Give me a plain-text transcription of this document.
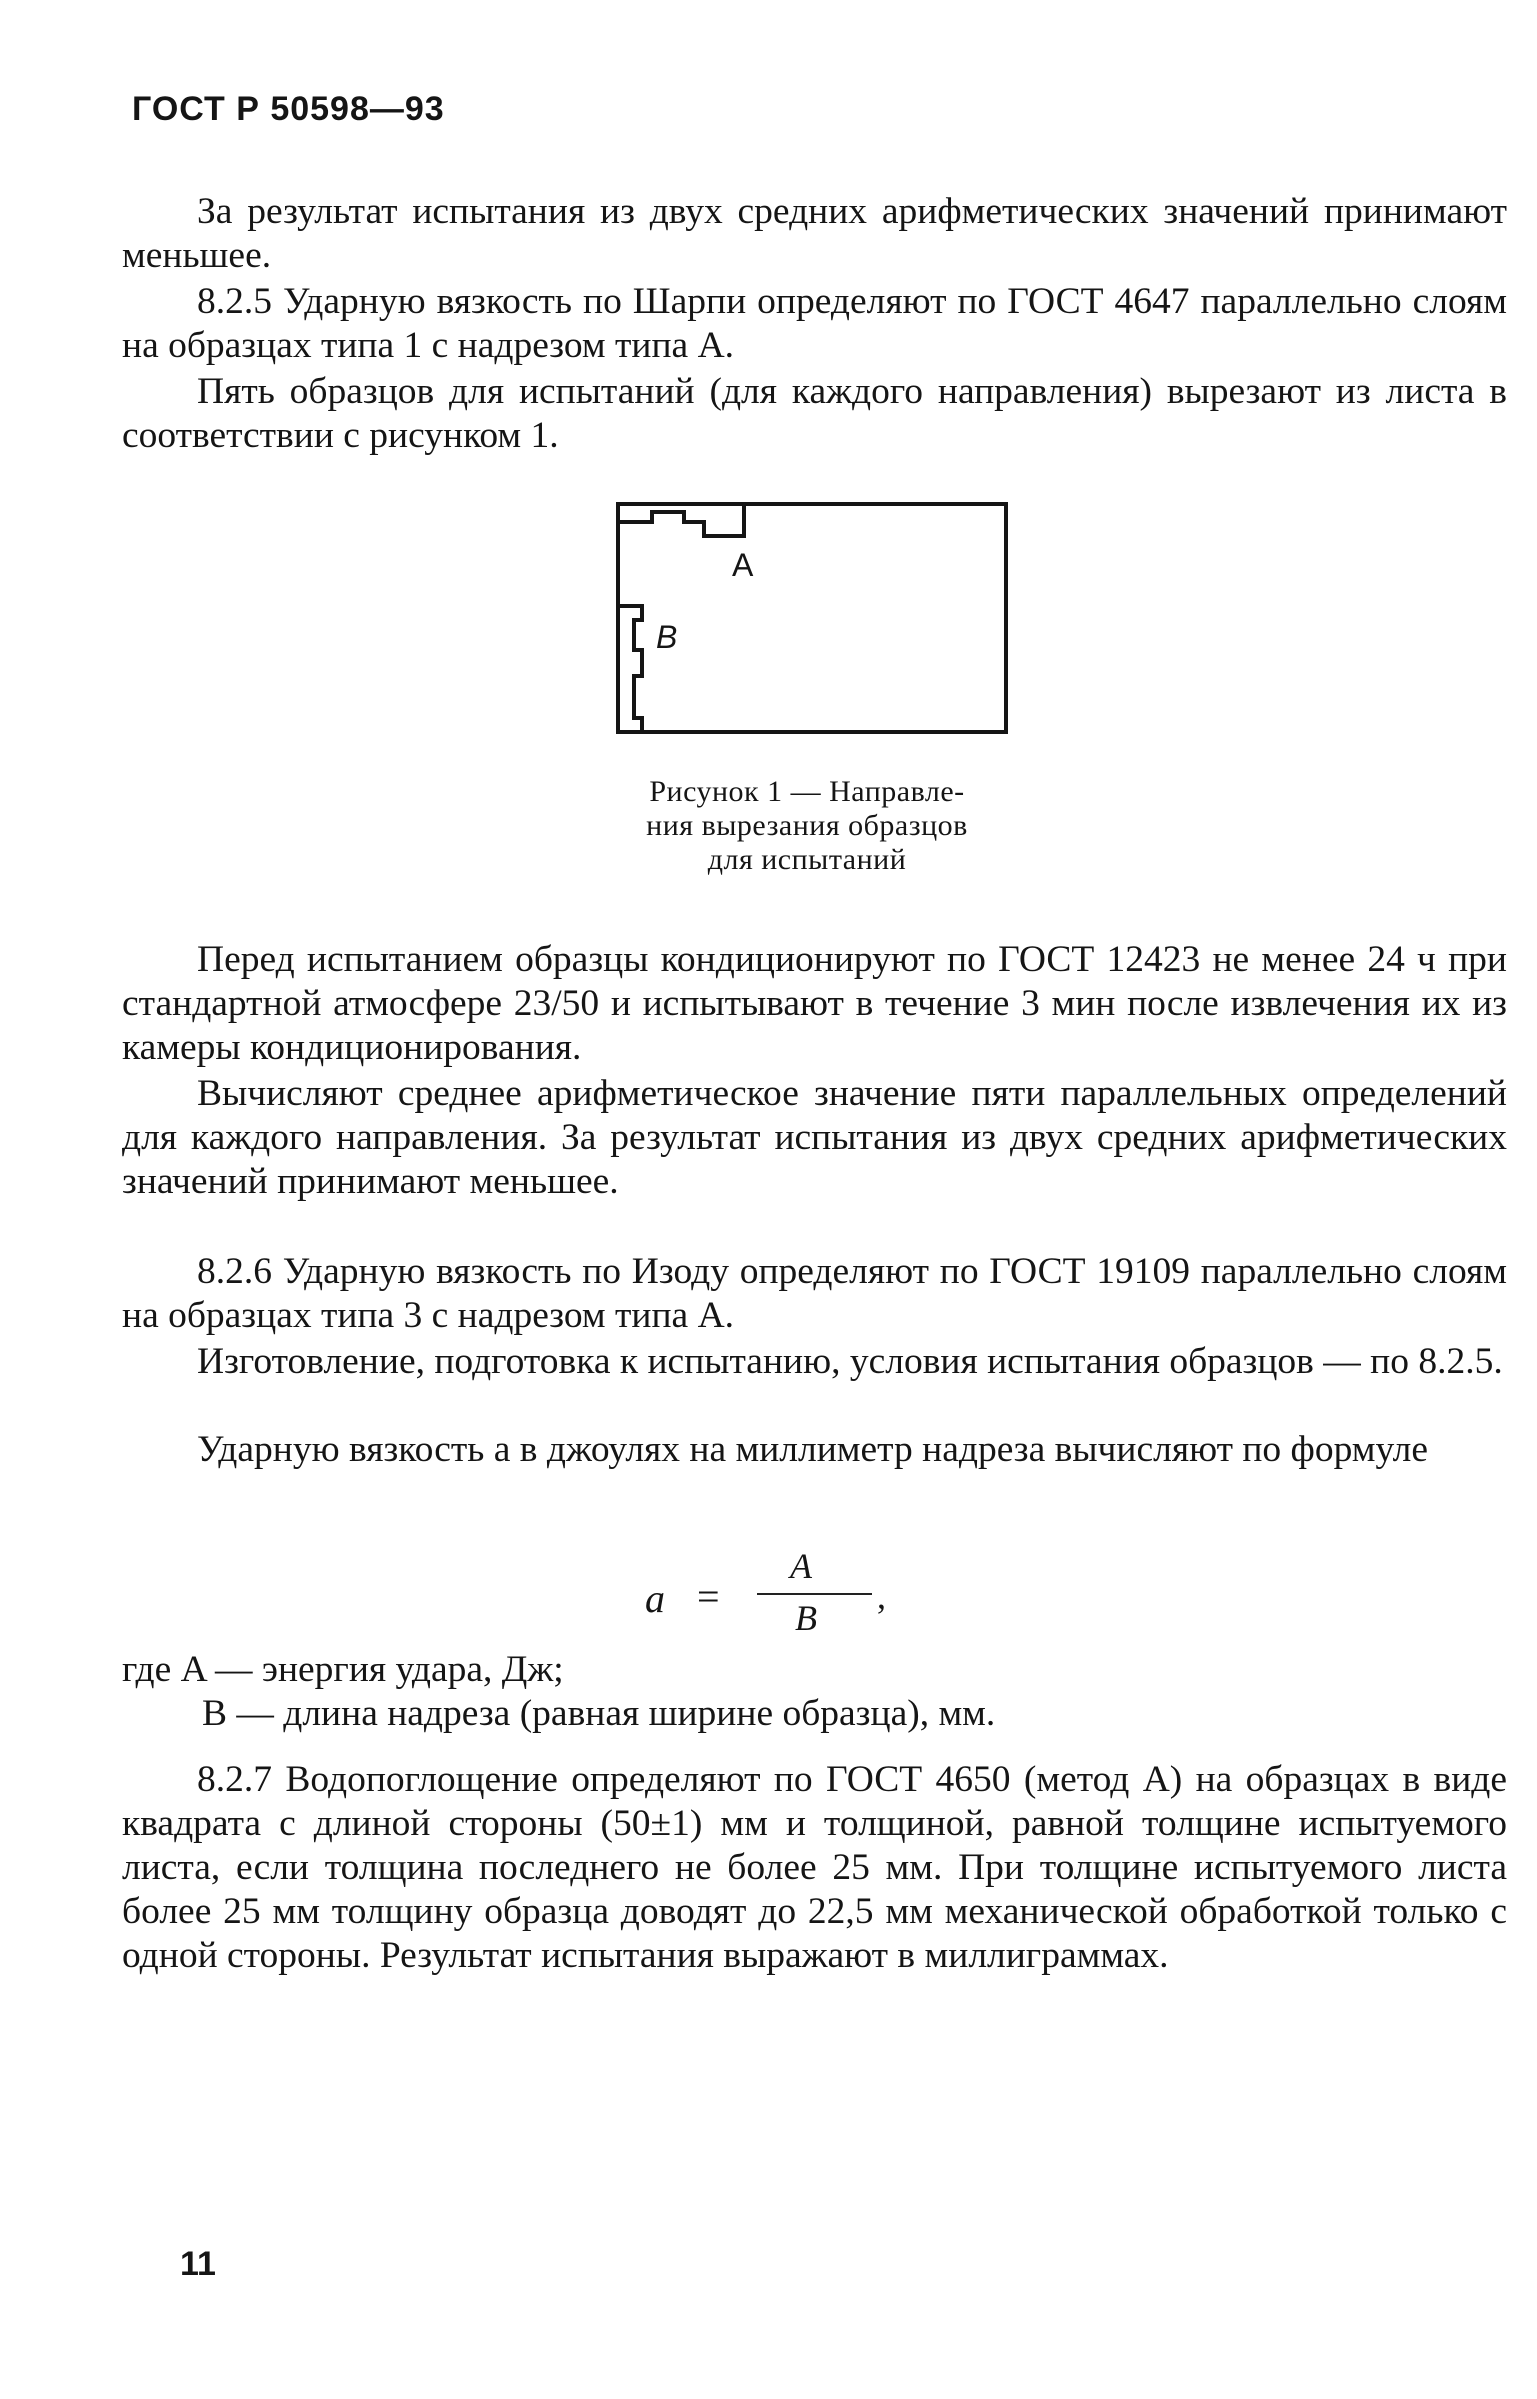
ГОСТ Р 50598—93

За результат испытания из двух средних арифметических значений принимают меньшее.

8.2.5 Ударную вязкость по Шарпи определяют по ГОСТ 4647 параллельно слоям на образцах типа 1 с надрезом типа А.

Пять образцов для испытаний (для каждого направления) вырезают из листа в соответствии с рисунком 1.

А
В
Рисунок 1 — Направле-
ния вырезания образцов
для испытаний

Перед испытанием образцы кондиционируют по ГОСТ 12423 не менее 24 ч при стандартной атмосфере 23/50 и испытывают в течение 3 мин после извлечения их из камеры кондиционирования.

Вычисляют среднее арифметическое значение пяти параллельных определений для каждого направления. За результат испытания из двух средних арифметических значений принимают меньшее.

8.2.6 Ударную вязкость по Изоду определяют по ГОСТ 19109 параллельно слоям на образцах типа 3 с надрезом типа А.

Изготовление, подготовка к испытанию, условия испытания образцов — по 8.2.5.

Ударную вязкость a в джоулях на миллиметр надреза вычисляют по формуле

a =
A
B
,
где A — энергия удара, Дж;
B — длина надреза (равная ширине образца), мм.

8.2.7 Водопоглощение определяют по ГОСТ 4650 (метод А) на образцах в виде квадрата с длиной стороны (50±1) мм и толщиной, равной толщине испытуемого листа, если толщина последнего не более 25 мм. При толщине испытуемого листа более 25 мм толщину образца доводят до 22,5 мм механической обработкой только с одной стороны. Результат испытания выражают в миллиграммах.

11
